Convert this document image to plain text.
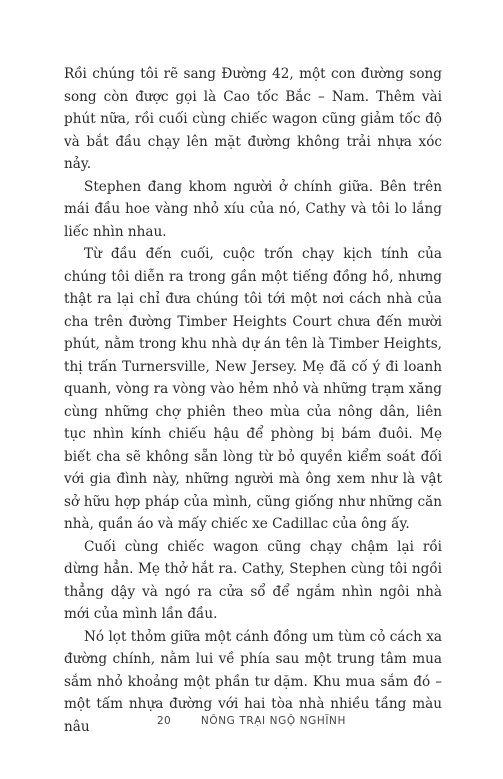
Rồi chúng tôi rẽ sang Đường 42, một con đường song song còn được gọi là Cao tốc Bắc – Nam. Thêm vài phút nữa, rồi cuối cùng chiếc wagon cũng giảm tốc độ và bắt đầu chạy lên mặt đường không trải nhựa xóc nảy.

Stephen đang khom người ở chính giữa. Bên trên mái đầu hoe vàng nhỏ xíu của nó, Cathy và tôi lo lắng liếc nhìn nhau.

Từ đầu đến cuối, cuộc trốn chạy kịch tính của chúng tôi diễn ra trong gần một tiếng đồng hồ, nhưng thật ra lại chỉ đưa chúng tôi tới một nơi cách nhà của cha trên đường Timber Heights Court chưa đến mười phút, nằm trong khu nhà dự án tên là Timber Heights, thị trấn Turnersville, New Jersey. Mẹ đã cố ý đi loanh quanh, vòng ra vòng vào hẻm nhỏ và những trạm xăng cùng những chợ phiên theo mùa của nông dân, liên tục nhìn kính chiếu hậu để phòng bị bám đuôi. Mẹ biết cha sẽ không sẵn lòng từ bỏ quyền kiểm soát đối với gia đình này, những người mà ông xem như là vật sở hữu hợp pháp của mình, cũng giống như những căn nhà, quần áo và mấy chiếc xe Cadillac của ông ấy.

Cuối cùng chiếc wagon cũng chạy chậm lại rồi dừng hẳn. Mẹ thở hắt ra. Cathy, Stephen cùng tôi ngồi thẳng dậy và ngó ra cửa sổ để ngắm nhìn ngôi nhà mới của mình lần đầu.

Nó lọt thỏm giữa một cánh đồng um tùm cỏ cách xa đường chính, nằm lui về phía sau một trung tâm mua sắm nhỏ khoảng một phần tư dặm. Khu mua sắm đó – một tấm nhựa đường với hai tòa nhà nhiều tầng màu nâu	20	NÔNG TRẠI NGỘ NGHĨNH
